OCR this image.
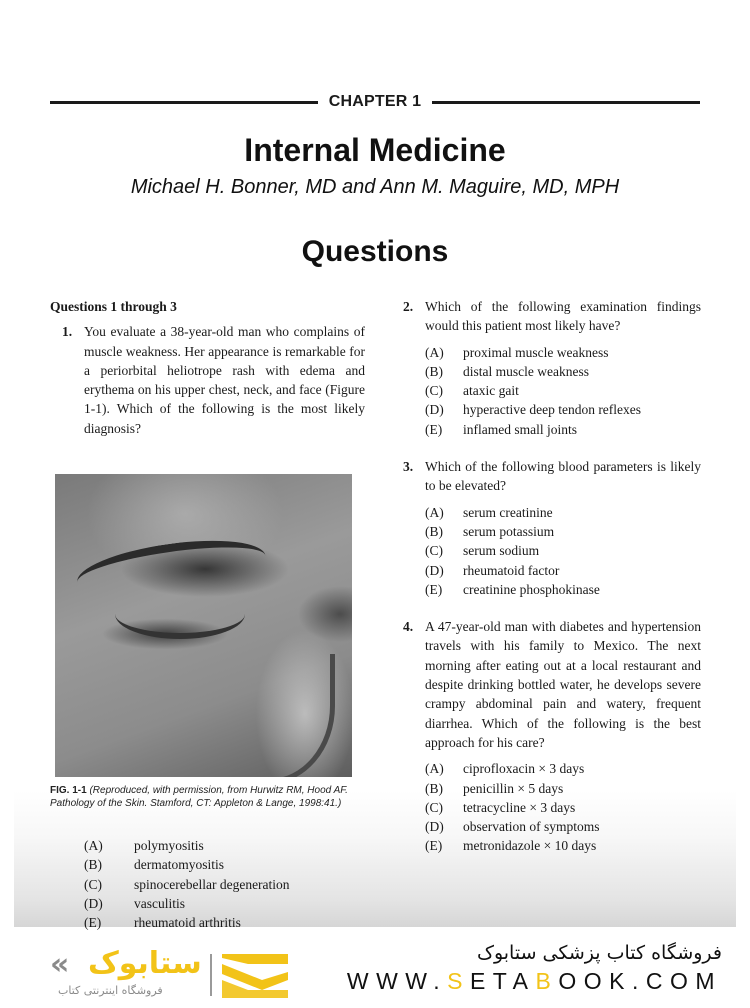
CHAPTER 1
Internal Medicine
Michael H. Bonner, MD and Ann M. Maguire, MD, MPH
Questions
Questions 1 through 3
1. You evaluate a 38-year-old man who complains of muscle weakness. Her appearance is remarkable for a periorbital heliotrope rash with edema and erythema on his upper chest, neck, and face (Figure 1-1). Which of the following is the most likely diagnosis?
FIG. 1-1 (Reproduced, with permission, from Hurwitz RM, Hood AF. Pathology of the Skin. Stamford, CT: Appleton & Lange, 1998:41.)
(A) polymyositis
(B) dermatomyositis
(C) spinocerebellar degeneration
(D) vasculitis
(E) rheumatoid arthritis
2. Which of the following examination findings would this patient most likely have?
(A) proximal muscle weakness
(B) distal muscle weakness
(C) ataxic gait
(D) hyperactive deep tendon reflexes
(E) inflamed small joints
3. Which of the following blood parameters is likely to be elevated?
(A) serum creatinine
(B) serum potassium
(C) serum sodium
(D) rheumatoid factor
(E) creatinine phosphokinase
4. A 47-year-old man with diabetes and hypertension travels with his family to Mexico. The next morning after eating out at a local restaurant and despite drinking bottled water, he develops severe crampy abdominal pain and watery, frequent diarrhea. Which of the following is the best approach for his care?
(A) ciprofloxacin × 3 days
(B) penicillin × 5 days
(C) tetracycline × 3 days
(D) observation of symptoms
(E) metronidazole × 10 days
« ستابوک
فروشگاه اینترنتی کتاب
فروشگاه کتاب پزشکی ستابوک
WWW.SETABOOK.COM
